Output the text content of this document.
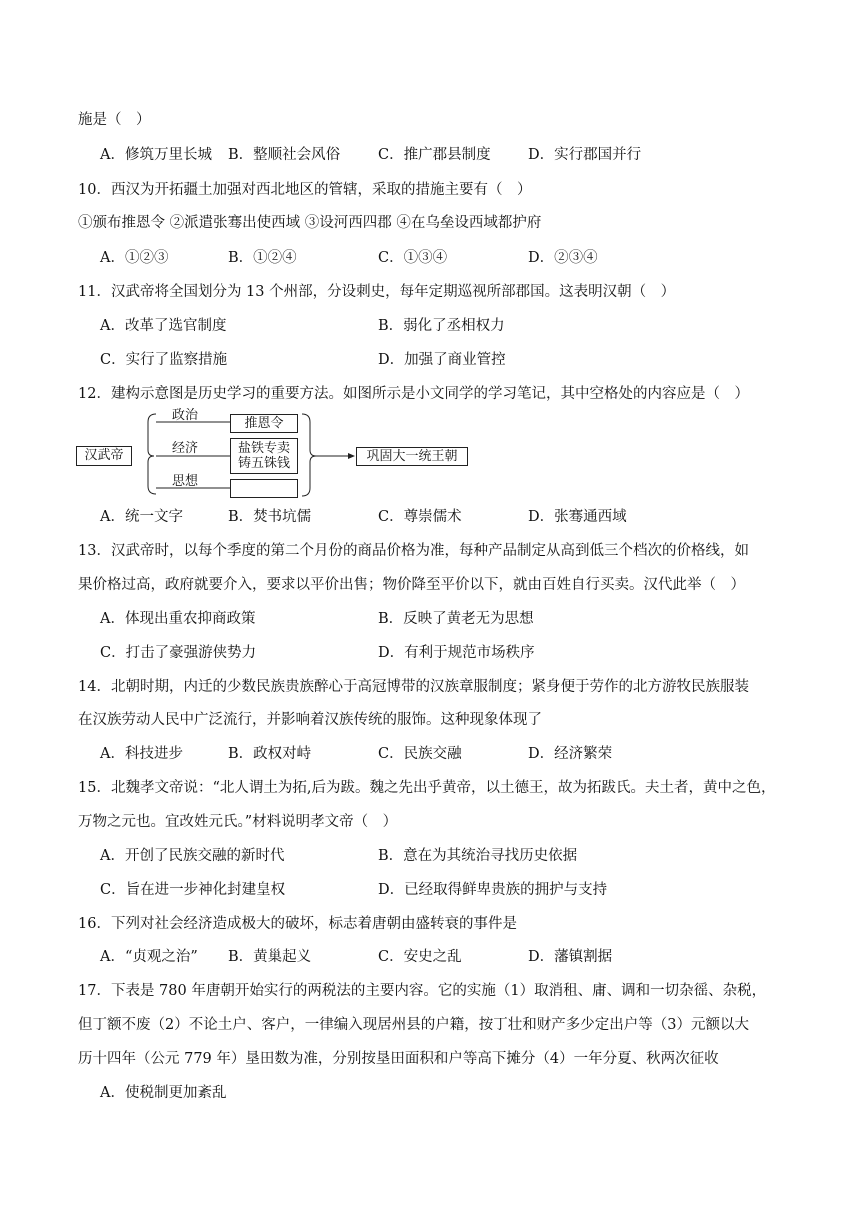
施是（　）
A．修筑万里长城 B．整顺社会风俗	C．推广郡县制度	D．实行郡国并行
10．西汉为开拓疆土加强对西北地区的管辖，采取的措施主要有（　）
①颁布推恩令 ②派遣张骞出使西域 ③设河西四郡 ④在乌垒设西域都护府
A．①②③	B．①②④	C．①③④	D．②③④
11．汉武帝将全国划分为 13 个州部，分设刺史，每年定期巡视所部郡国。这表明汉朝（　）
A．改革了选官制度	B．弱化了丞相权力
C．实行了监察措施	D．加强了商业管控
12．建构示意图是历史学习的重要方法。如图所示是小文同学的学习笔记，其中空格处的内容应是（　）
汉武帝
政治
经济
思想
推恩令
盐铁专卖
铸五铢钱	巩固大一统王朝
A．统一文字	B．焚书坑儒	C．尊崇儒术	D．张骞通西域
13．汉武帝时，以每个季度的第二个月份的商品价格为准，每种产品制定从高到低三个档次的价格线，如
果价格过高，政府就要介入，要求以平价出售；物价降至平价以下，就由百姓自行买卖。汉代此举（　）
A．体现出重农抑商政策	B．反映了黄老无为思想
C．打击了豪强游侠势力	D．有利于规范市场秩序
14．北朝时期，内迁的少数民族贵族醉心于高冠博带的汉族章服制度；紧身便于劳作的北方游牧民族服装
在汉族劳动人民中广泛流行，并影响着汉族传统的服饰。这种现象体现了
A．科技进步	B．政权对峙	C．民族交融	D．经济繁荣
15．北魏孝文帝说：“北人谓土为拓,后为跋。魏之先出乎黄帝，以土德王，故为拓跋氏。夫土者，黄中之色，
万物之元也。宜改姓元氏。”材料说明孝文帝（　）
A．开创了民族交融的新时代	B．意在为其统治寻找历史依据
C．旨在进一步神化封建皇权	D．已经取得鲜卑贵族的拥护与支持
16．下列对社会经济造成极大的破坏，标志着唐朝由盛转衰的事件是
A．“贞观之治” B．黄巢起义	C．安史之乱	D．藩镇割据
17．下表是 780 年唐朝开始实行的两税法的主要内容。它的实施（1）取消租、庸、调和一切杂徭、杂税，
但丁额不废（2）不论土户、客户，一律编入现居州县的户籍，按丁壮和财产多少定出户等（3）元额以大
历十四年（公元 779 年）垦田数为准，分别按垦田面积和户等高下摊分（4）一年分夏、秋两次征收
A．使税制更加紊乱
